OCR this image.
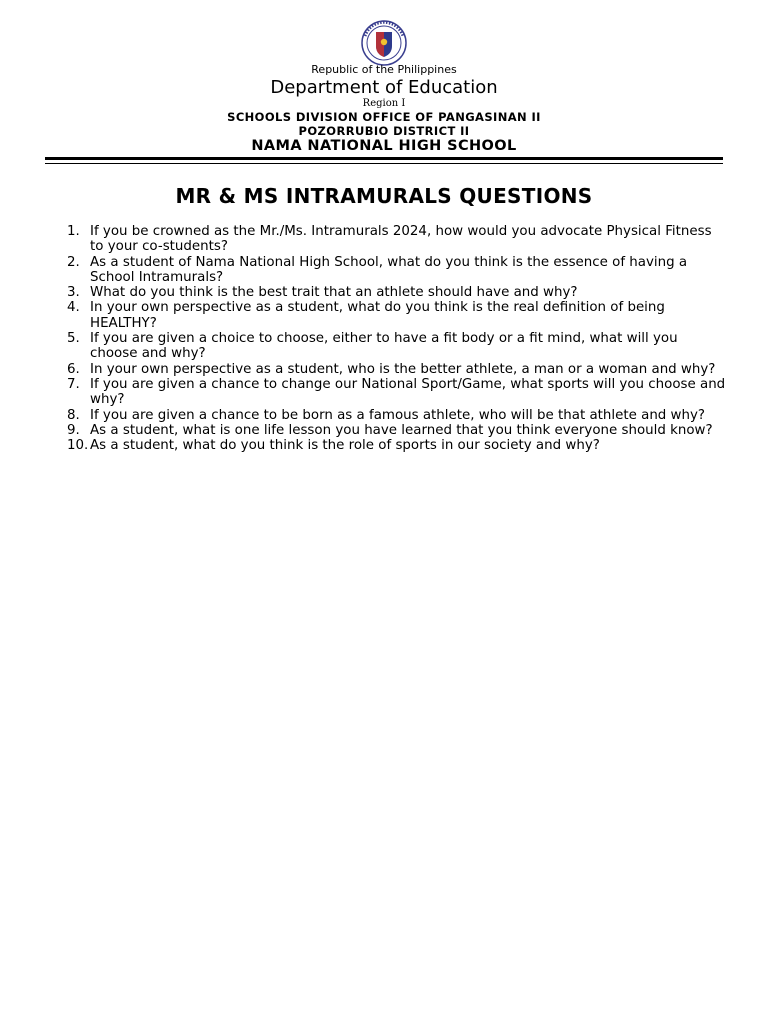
Republic of the Philippines
Department of Education
Region I
SCHOOLS DIVISION OFFICE OF PANGASINAN II
POZORRUBIO DISTRICT II
NAMA NATIONAL HIGH SCHOOL
MR & MS INTRAMURALS QUESTIONS
1. If you be crowned as the Mr./Ms. Intramurals 2024, how would you advocate Physical Fitness to your co-students?
2. As a student of Nama National High School, what do you think is the essence of having a School Intramurals?
3. What do you think is the best trait that an athlete should have and why?
4. In your own perspective as a student, what do you think is the real definition of being HEALTHY?
5. If you are given a choice to choose, either to have a fit body or a fit mind, what will you choose and why?
6. In your own perspective as a student, who is the better athlete, a man or a woman and why?
7. If you are given a chance to change our National Sport/Game, what sports will you choose and why?
8. If you are given a chance to be born as a famous athlete, who will be that athlete and why?
9. As a student, what is one life lesson you have learned that you think everyone should know?
10. As a student, what do you think is the role of sports in our society and why?
